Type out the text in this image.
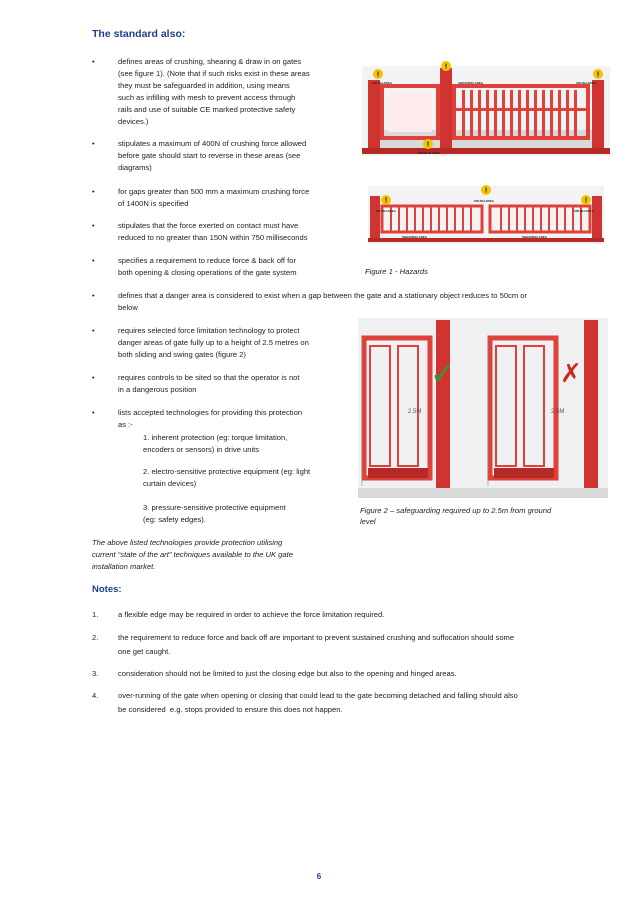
The standard also:
•	defines areas of crushing, shearing & draw in on gates
(see figure 1). (Note that if such risks exist in these areas
they must be safeguarded in addition, using means
such as infilling with mesh to prevent access through
rails and use of suitable CE marked protective safety
devices.)
•	stipulates a maximum of 400N of crushing force allowed
before gate should start to reverse in these areas (see
diagrams)
•	for gaps greater than 500 mm a maximum crushing force
of 1400N is specified
•	stipulates that the force exerted on contact must have
reduced to no greater than 150N within 750 milliseconds
•	specifies a requirement to reduce force & back off for
both opening & closing operations of the gate system
•	defines that a danger area is considered to exist when a gap between the gate and a stationary object reduces to 50cm or
below
•	requires selected force limitation technology to protect
danger areas of gate fully up to a height of 2.5 metres on
both sliding and swing gates (figure 2)
•	requires controls to be sited so that the operator is not
in a dangerous position
•	lists accepted technologies for providing this protection
as :-
1. inherent protection (eg: torque limitation,
encoders or sensors) in drive units
2. electro-sensitive protective equipment (eg: light
curtain devices)
3. pressure-sensitive protective equipment
(eg: safety edges).
The above listed technologies provide protection utilising
current “state of the art” techniques available to the UK gate
installation market.
!
!
!
!
CRUSH AREA	SHEARING AREA	CRUSH AREA
DRAW IN AREA
!
!
!
CRUSH AREA
CRUSH AREA
CRUSH AREA
SHEARING AREA	SHEARING AREA
Figure 1 - Hazards
✓
2.5M
✗
2.5M
Figure 2 – safeguarding required up to 2.5m from ground
level
Notes:
1.	a flexible edge may be required in order to achieve the force limitation required.
2.	the requirement to reduce force and back off are important to prevent sustained crushing and suffocation should some
one get caught.
3.	consideration should not be limited to just the closing edge but also to the opening and hinged areas.
4.	over-running of the gate when opening or closing that could lead to the gate becoming detached and falling should also
be considered  e.g. stops provided to ensure this does not happen.
6
